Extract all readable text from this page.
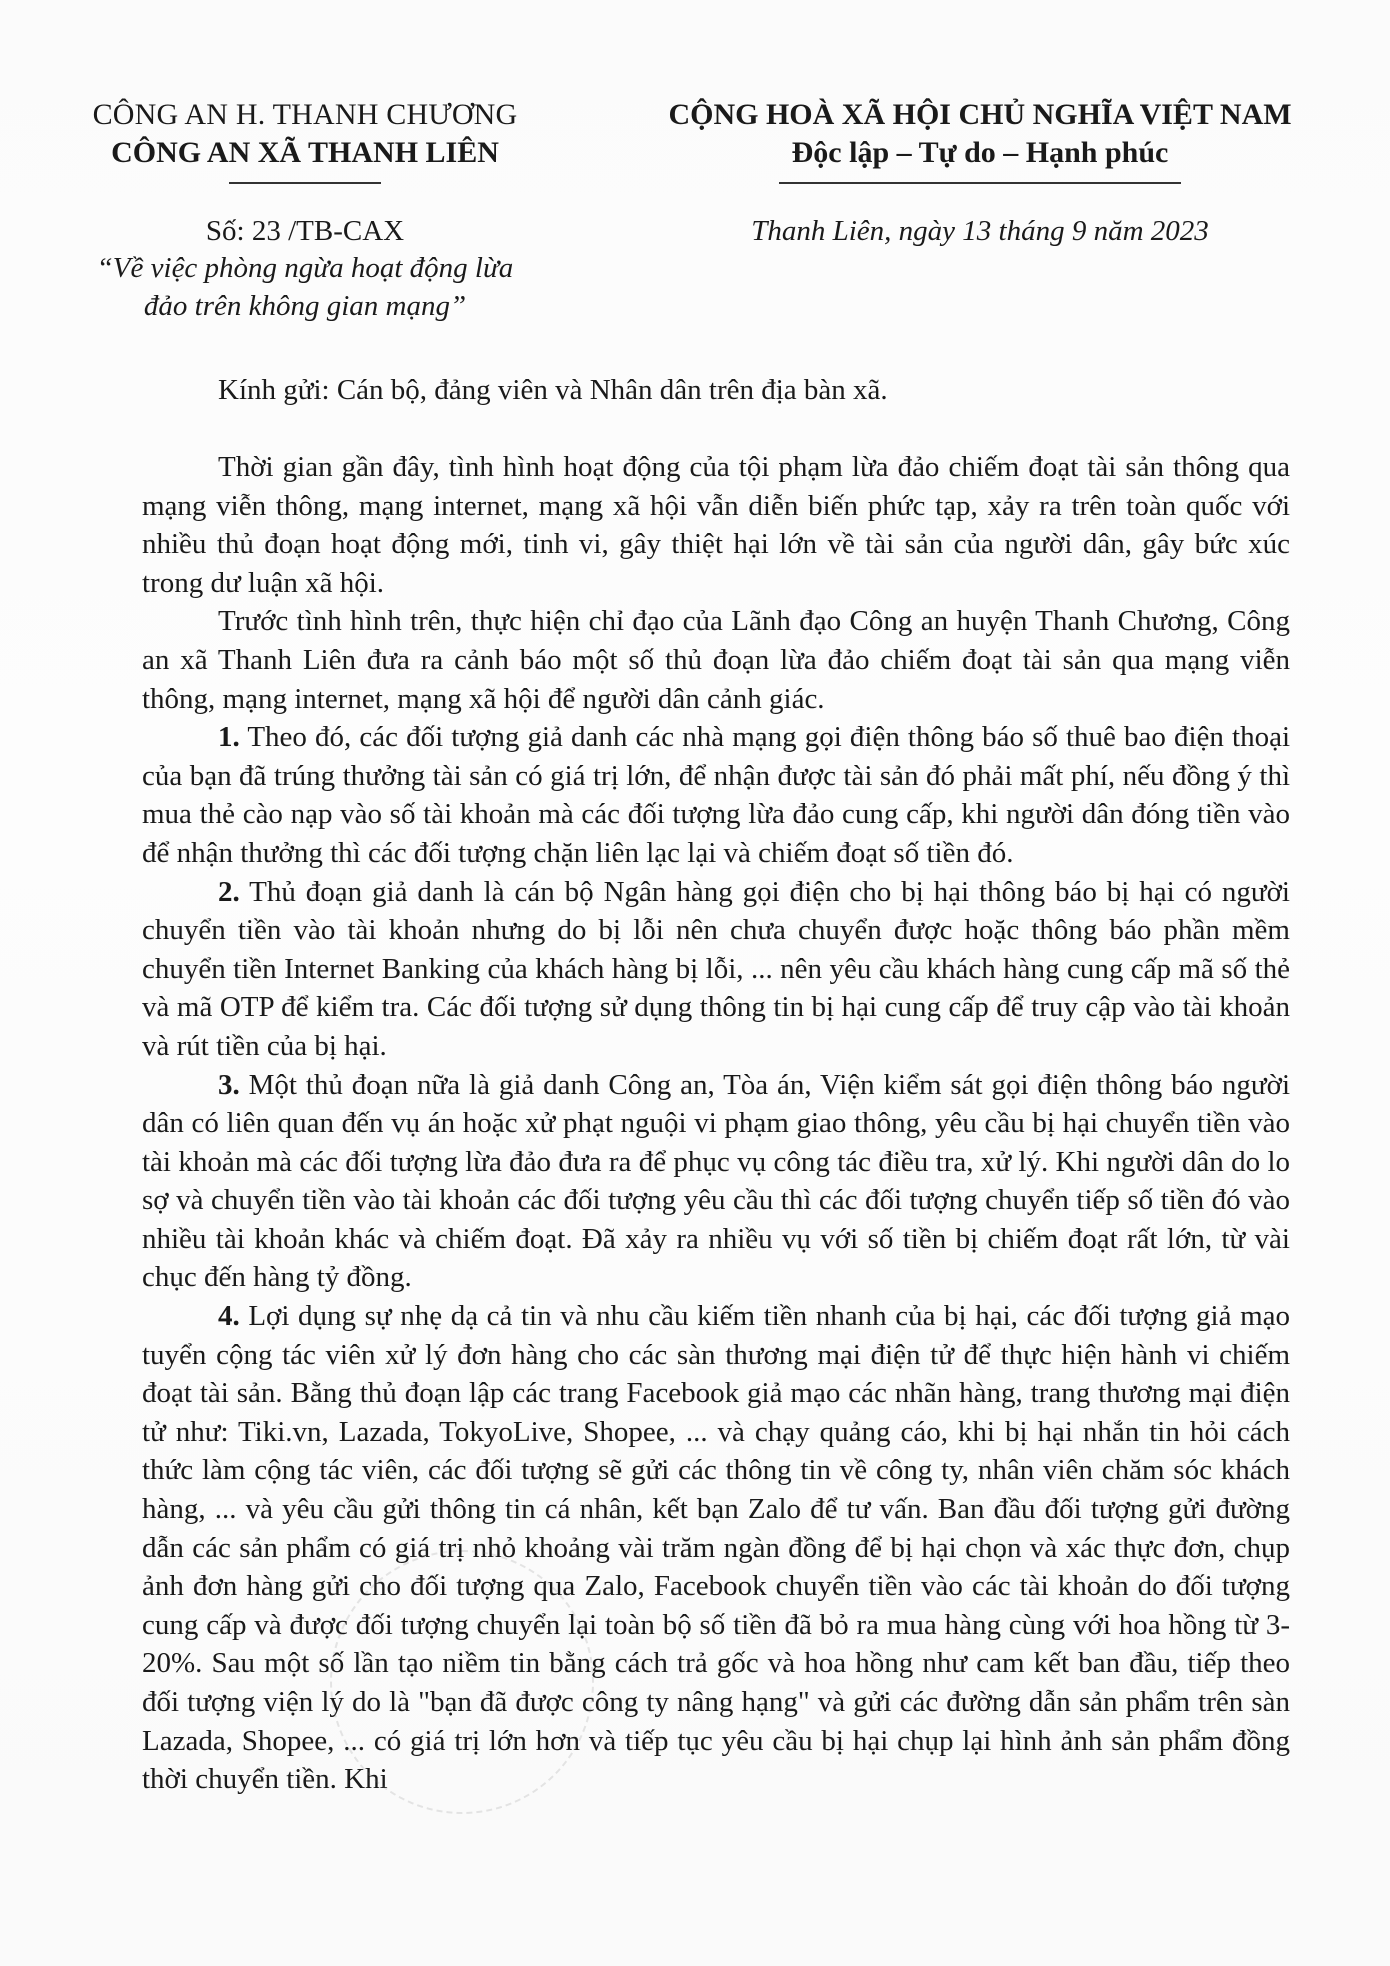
CÔNG AN H. THANH CHƯƠNG
CÔNG AN XÃ THANH LIÊN
CỘNG HOÀ XÃ HỘI CHỦ NGHĨA VIỆT NAM
Độc lập – Tự do – Hạnh phúc
Số: 23 /TB-CAX
“Về việc phòng ngừa hoạt động lừa
đảo trên không gian mạng”
Thanh Liên, ngày 13 tháng 9 năm 2023
Kính gửi: Cán bộ, đảng viên và Nhân dân trên địa bàn xã.

Thời gian gần đây, tình hình hoạt động của tội phạm lừa đảo chiếm đoạt tài sản thông qua mạng viễn thông, mạng internet, mạng xã hội vẫn diễn biến phức tạp, xảy ra trên toàn quốc với nhiều thủ đoạn hoạt động mới, tinh vi, gây thiệt hại lớn về tài sản của người dân, gây bức xúc trong dư luận xã hội.

Trước tình hình trên, thực hiện chỉ đạo của Lãnh đạo Công an huyện Thanh Chương, Công an xã Thanh Liên đưa ra cảnh báo một số thủ đoạn lừa đảo chiếm đoạt tài sản qua mạng viễn thông, mạng internet, mạng xã hội để người dân cảnh giác.

1. Theo đó, các đối tượng giả danh các nhà mạng gọi điện thông báo số thuê bao điện thoại của bạn đã trúng thưởng tài sản có giá trị lớn, để nhận được tài sản đó phải mất phí, nếu đồng ý thì mua thẻ cào nạp vào số tài khoản mà các đối tượng lừa đảo cung cấp, khi người dân đóng tiền vào để nhận thưởng thì các đối tượng chặn liên lạc lại và chiếm đoạt số tiền đó.

2. Thủ đoạn giả danh là cán bộ Ngân hàng gọi điện cho bị hại thông báo bị hại có người chuyển tiền vào tài khoản nhưng do bị lỗi nên chưa chuyển được hoặc thông báo phần mềm chuyển tiền Internet Banking của khách hàng bị lỗi, ... nên yêu cầu khách hàng cung cấp mã số thẻ và mã OTP để kiểm tra. Các đối tượng sử dụng thông tin bị hại cung cấp để truy cập vào tài khoản và rút tiền của bị hại.

3. Một thủ đoạn nữa là giả danh Công an, Tòa án, Viện kiểm sát gọi điện thông báo người dân có liên quan đến vụ án hoặc xử phạt nguội vi phạm giao thông, yêu cầu bị hại chuyển tiền vào tài khoản mà các đối tượng lừa đảo đưa ra để phục vụ công tác điều tra, xử lý. Khi người dân do lo sợ và chuyển tiền vào tài khoản các đối tượng yêu cầu thì các đối tượng chuyển tiếp số tiền đó vào nhiều tài khoản khác và chiếm đoạt. Đã xảy ra nhiều vụ với số tiền bị chiếm đoạt rất lớn, từ vài chục đến hàng tỷ đồng.

4. Lợi dụng sự nhẹ dạ cả tin và nhu cầu kiếm tiền nhanh của bị hại, các đối tượng giả mạo tuyển cộng tác viên xử lý đơn hàng cho các sàn thương mại điện tử để thực hiện hành vi chiếm đoạt tài sản. Bằng thủ đoạn lập các trang Facebook giả mạo các nhãn hàng, trang thương mại điện tử như: Tiki.vn, Lazada, TokyoLive, Shopee, ... và chạy quảng cáo, khi bị hại nhắn tin hỏi cách thức làm cộng tác viên, các đối tượng sẽ gửi các thông tin về công ty, nhân viên chăm sóc khách hàng, ... và yêu cầu gửi thông tin cá nhân, kết bạn Zalo để tư vấn. Ban đầu đối tượng gửi đường dẫn các sản phẩm có giá trị nhỏ khoảng vài trăm ngàn đồng để bị hại chọn và xác thực đơn, chụp ảnh đơn hàng gửi cho đối tượng qua Zalo, Facebook chuyển tiền vào các tài khoản do đối tượng cung cấp và được đối tượng chuyển lại toàn bộ số tiền đã bỏ ra mua hàng cùng với hoa hồng từ 3-20%. Sau một số lần tạo niềm tin bằng cách trả gốc và hoa hồng như cam kết ban đầu, tiếp theo đối tượng viện lý do là "bạn đã được công ty nâng hạng" và gửi các đường dẫn sản phẩm trên sàn Lazada, Shopee, ... có giá trị lớn hơn và tiếp tục yêu cầu bị hại chụp lại hình ảnh sản phẩm đồng thời chuyển tiền. Khi
